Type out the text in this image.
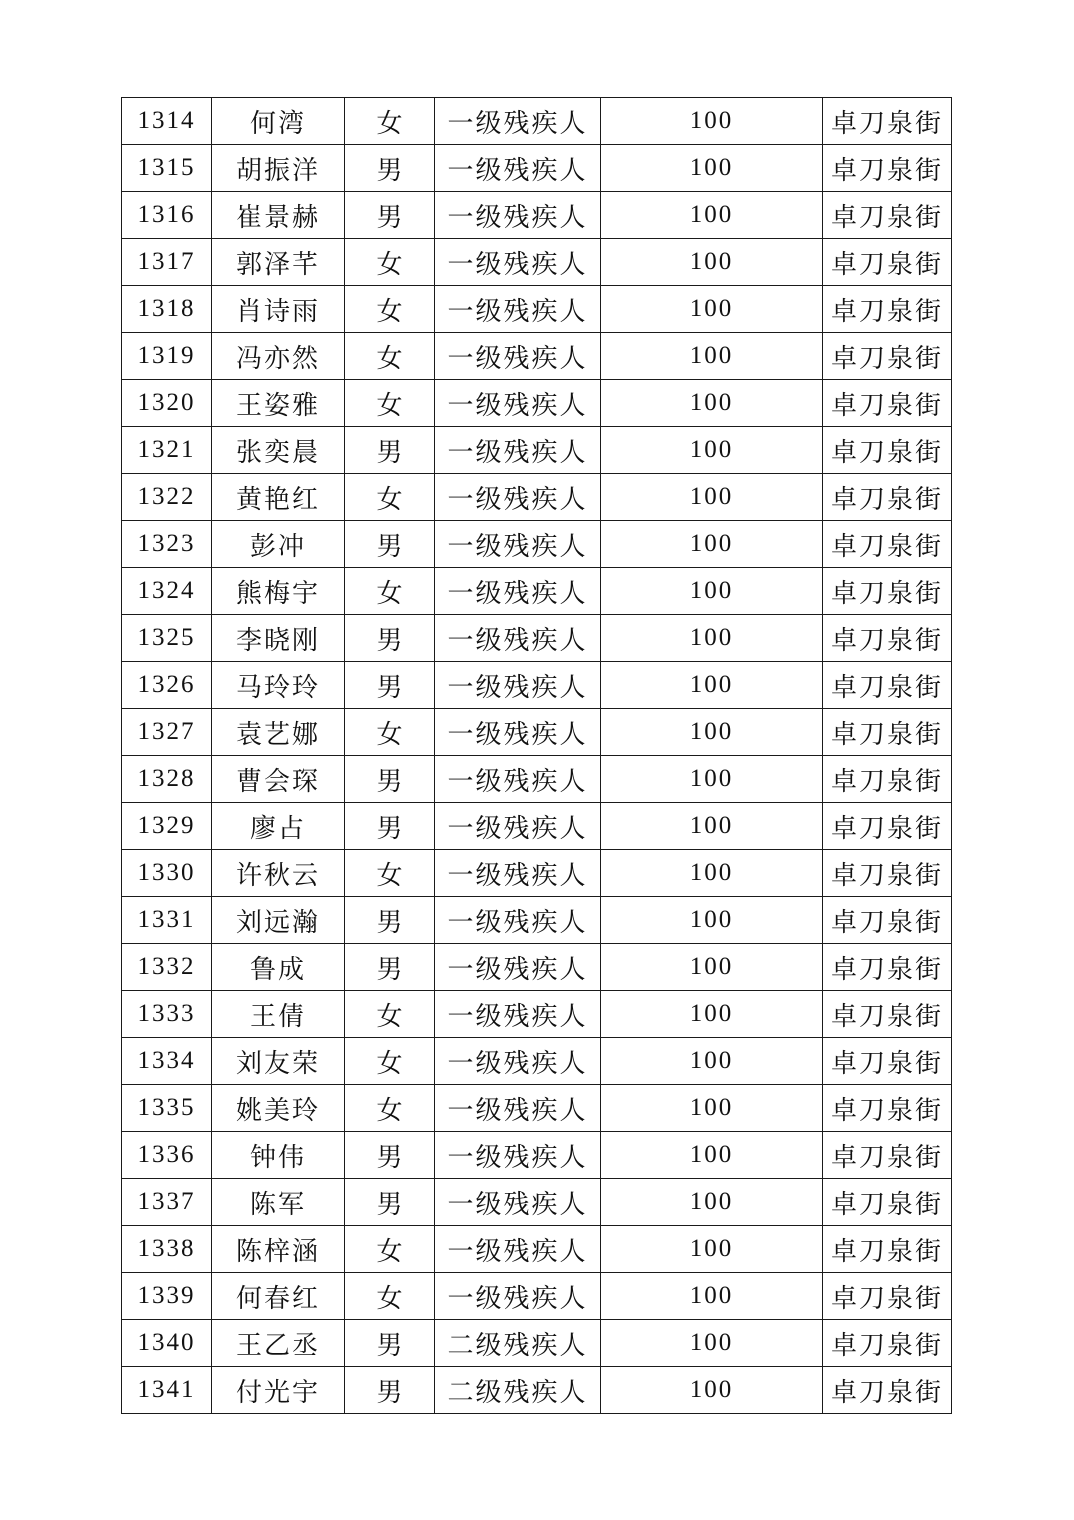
1314	何湾	女	一级残疾人	100	卓刀泉街
1315	胡振洋	男	一级残疾人	100	卓刀泉街
1316	崔景赫	男	一级残疾人	100	卓刀泉街
1317	郭泽芊	女	一级残疾人	100	卓刀泉街
1318	肖诗雨	女	一级残疾人	100	卓刀泉街
1319	冯亦然	女	一级残疾人	100	卓刀泉街
1320	王姿雅	女	一级残疾人	100	卓刀泉街
1321	张奕晨	男	一级残疾人	100	卓刀泉街
1322	黄艳红	女	一级残疾人	100	卓刀泉街
1323	彭冲	男	一级残疾人	100	卓刀泉街
1324	熊梅宇	女	一级残疾人	100	卓刀泉街
1325	李晓刚	男	一级残疾人	100	卓刀泉街
1326	马玲玲	男	一级残疾人	100	卓刀泉街
1327	袁艺娜	女	一级残疾人	100	卓刀泉街
1328	曹会琛	男	一级残疾人	100	卓刀泉街
1329	廖占	男	一级残疾人	100	卓刀泉街
1330	许秋云	女	一级残疾人	100	卓刀泉街
1331	刘远瀚	男	一级残疾人	100	卓刀泉街
1332	鲁成	男	一级残疾人	100	卓刀泉街
1333	王倩	女	一级残疾人	100	卓刀泉街
1334	刘友荣	女	一级残疾人	100	卓刀泉街
1335	姚美玲	女	一级残疾人	100	卓刀泉街
1336	钟伟	男	一级残疾人	100	卓刀泉街
1337	陈军	男	一级残疾人	100	卓刀泉街
1338	陈梓涵	女	一级残疾人	100	卓刀泉街
1339	何春红	女	一级残疾人	100	卓刀泉街
1340	王乙丞	男	二级残疾人	100	卓刀泉街
1341	付光宇	男	二级残疾人	100	卓刀泉街
